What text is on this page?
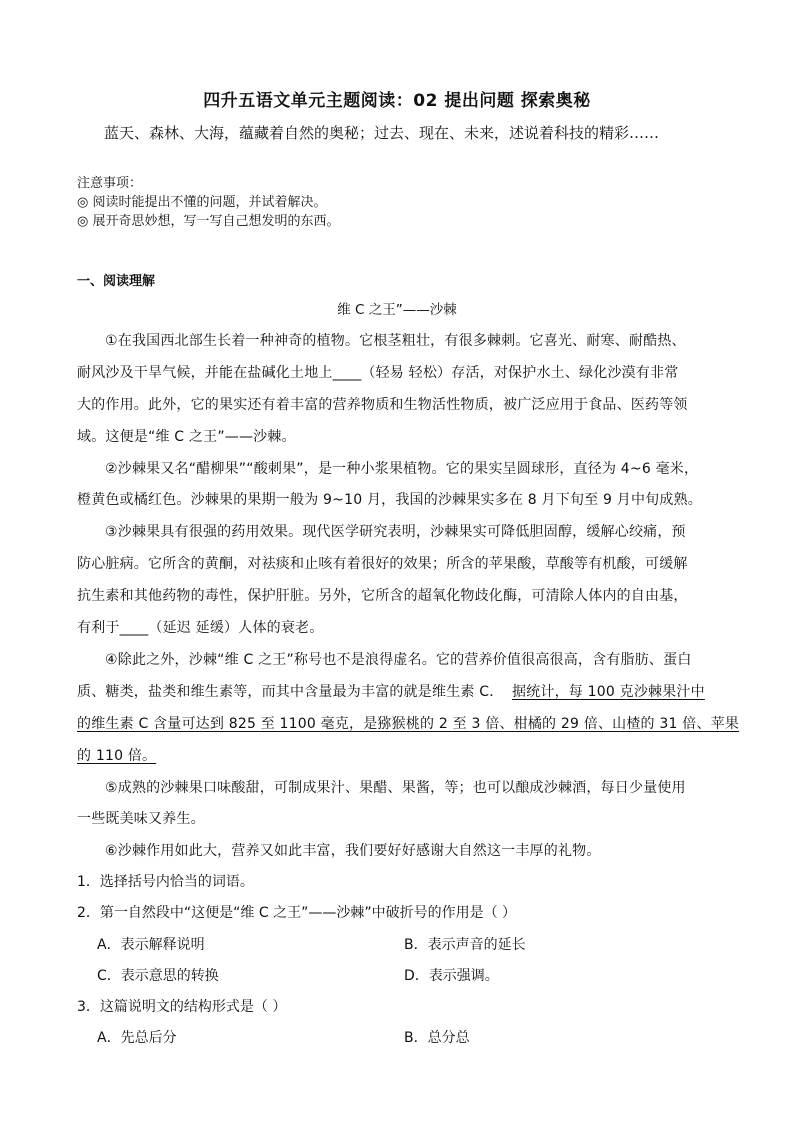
四升五语文单元主题阅读：02 提出问题 探索奥秘
蓝天、森林、大海，蕴藏着自然的奥秘；过去、现在、未来，述说着科技的精彩……
注意事项：
◎ 阅读时能提出不懂的问题，并试着解决。
◎ 展开奇思妙想，写一写自己想发明的东西。
一、阅读理解
维 C 之王”——沙棘
①在我国西北部生长着一种神奇的植物。它根茎粗壮，有很多棘刺。它喜光、耐寒、耐酷热、
耐风沙及干旱气候，并能在盐碱化土地上____（轻易 轻松）存活，对保护水土、绿化沙漠有非常
大的作用。此外，它的果实还有着丰富的营养物质和生物活性物质，被广泛应用于食品、医药等领
域。这便是“维 C 之王”——沙棘。
②沙棘果又名“醋柳果”“酸刺果”，是一种小浆果植物。它的果实呈圆球形，直径为 4~6 毫米，
橙黄色或橘红色。沙棘果的果期一般为 9~10 月，我国的沙棘果实多在 8 月下旬至 9 月中旬成熟。
③沙棘果具有很强的药用效果。现代医学研究表明，沙棘果实可降低胆固醇，缓解心绞痛，预
防心脏病。它所含的黄酮，对祛痰和止咳有着很好的效果；所含的苹果酸，草酸等有机酸，可缓解
抗生素和其他药物的毒性，保护肝脏。另外，它所含的超氧化物歧化酶，可清除人体内的自由基，
有利于____（延迟 延缓）人体的衰老。
④除此之外，沙棘“维 C 之王”称号也不是浪得虚名。它的营养价值很高很高，含有脂肪、蛋白
质、糖类，盐类和维生素等，而其中含量最为丰富的就是维生素 C． 据统计，每 100 克沙棘果汁中
的维生素 C 含量可达到 825 至 1100 毫克，是猕猴桃的 2 至 3 倍、柑橘的 29 倍、山楂的 31 倍、苹果
的 110 倍。
⑤成熟的沙棘果口味酸甜，可制成果汁、果醋、果酱，等；也可以酿成沙棘酒，每日少量使用
一些既美味又养生。
⑥沙棘作用如此大，营养又如此丰富，我们要好好感谢大自然这一丰厚的礼物。
1．选择括号内恰当的词语。
2．第一自然段中“这便是“维 C 之王”——沙棘”中破折号的作用是（ ）
A．表示解释说明	B．表示声音的延长
C．表示意思的转换	D．表示强调。
3．这篇说明文的结构形式是（ ）
A．先总后分	B．总分总
